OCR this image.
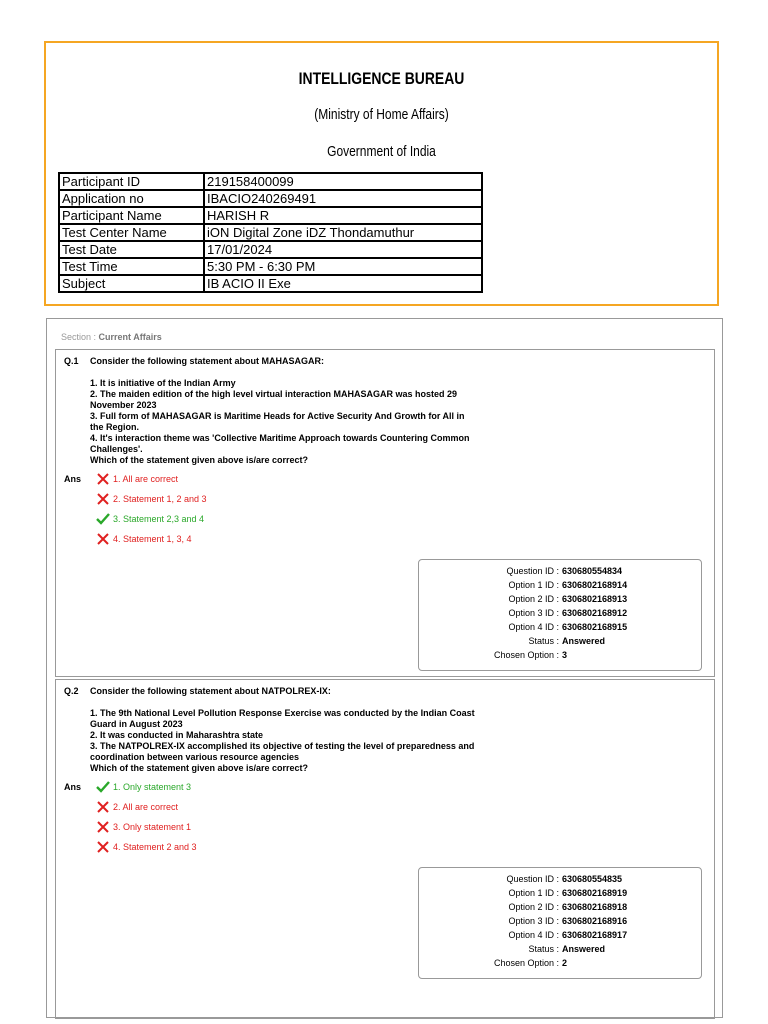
INTELLIGENCE BUREAU
(Ministry of Home Affairs)
Government of India
Participant ID	219158400099
Application no	IBACIO240269491
Participant Name	HARISH R
Test Center Name	iON Digital Zone iDZ Thondamuthur
Test Date	17/01/2024
Test Time	5:30 PM - 6:30 PM
Subject	IB ACIO II Exe
Section : Current Affairs
Q.1 Consider the following statement about MAHASAGAR:
1. It is initiative of the Indian Army
2. The maiden edition of the high level virtual interaction MAHASAGAR was hosted 29
November 2023
3. Full form of MAHASAGAR is Maritime Heads for Active Security And Growth for All in
the Region.
4. It's interaction theme was 'Collective Maritime Approach towards Countering Common
Challenges'.
Which of the statement given above is/are correct?
Ans	1. All are correct
2. Statement 1, 2 and 3
3. Statement 2,3 and 4
4. Statement 1, 3, 4
Question ID : 630680554834
Option 1 ID : 6306802168914
Option 2 ID : 6306802168913
Option 3 ID : 6306802168912
Option 4 ID : 6306802168915
Status : Answered
Chosen Option : 3
Q.2 Consider the following statement about NATPOLREX-IX:
1. The 9th National Level Pollution Response Exercise was conducted by the Indian Coast
Guard in August 2023
2. It was conducted in Maharashtra state
3. The NATPOLREX-IX accomplished its objective of testing the level of preparedness and
coordination between various resource agencies
Which of the statement given above is/are correct?
Ans	1. Only statement 3
2. All are correct
3. Only statement 1
4. Statement 2 and 3
Question ID : 630680554835
Option 1 ID : 6306802168919
Option 2 ID : 6306802168918
Option 3 ID : 6306802168916
Option 4 ID : 6306802168917
Status : Answered
Chosen Option : 2
